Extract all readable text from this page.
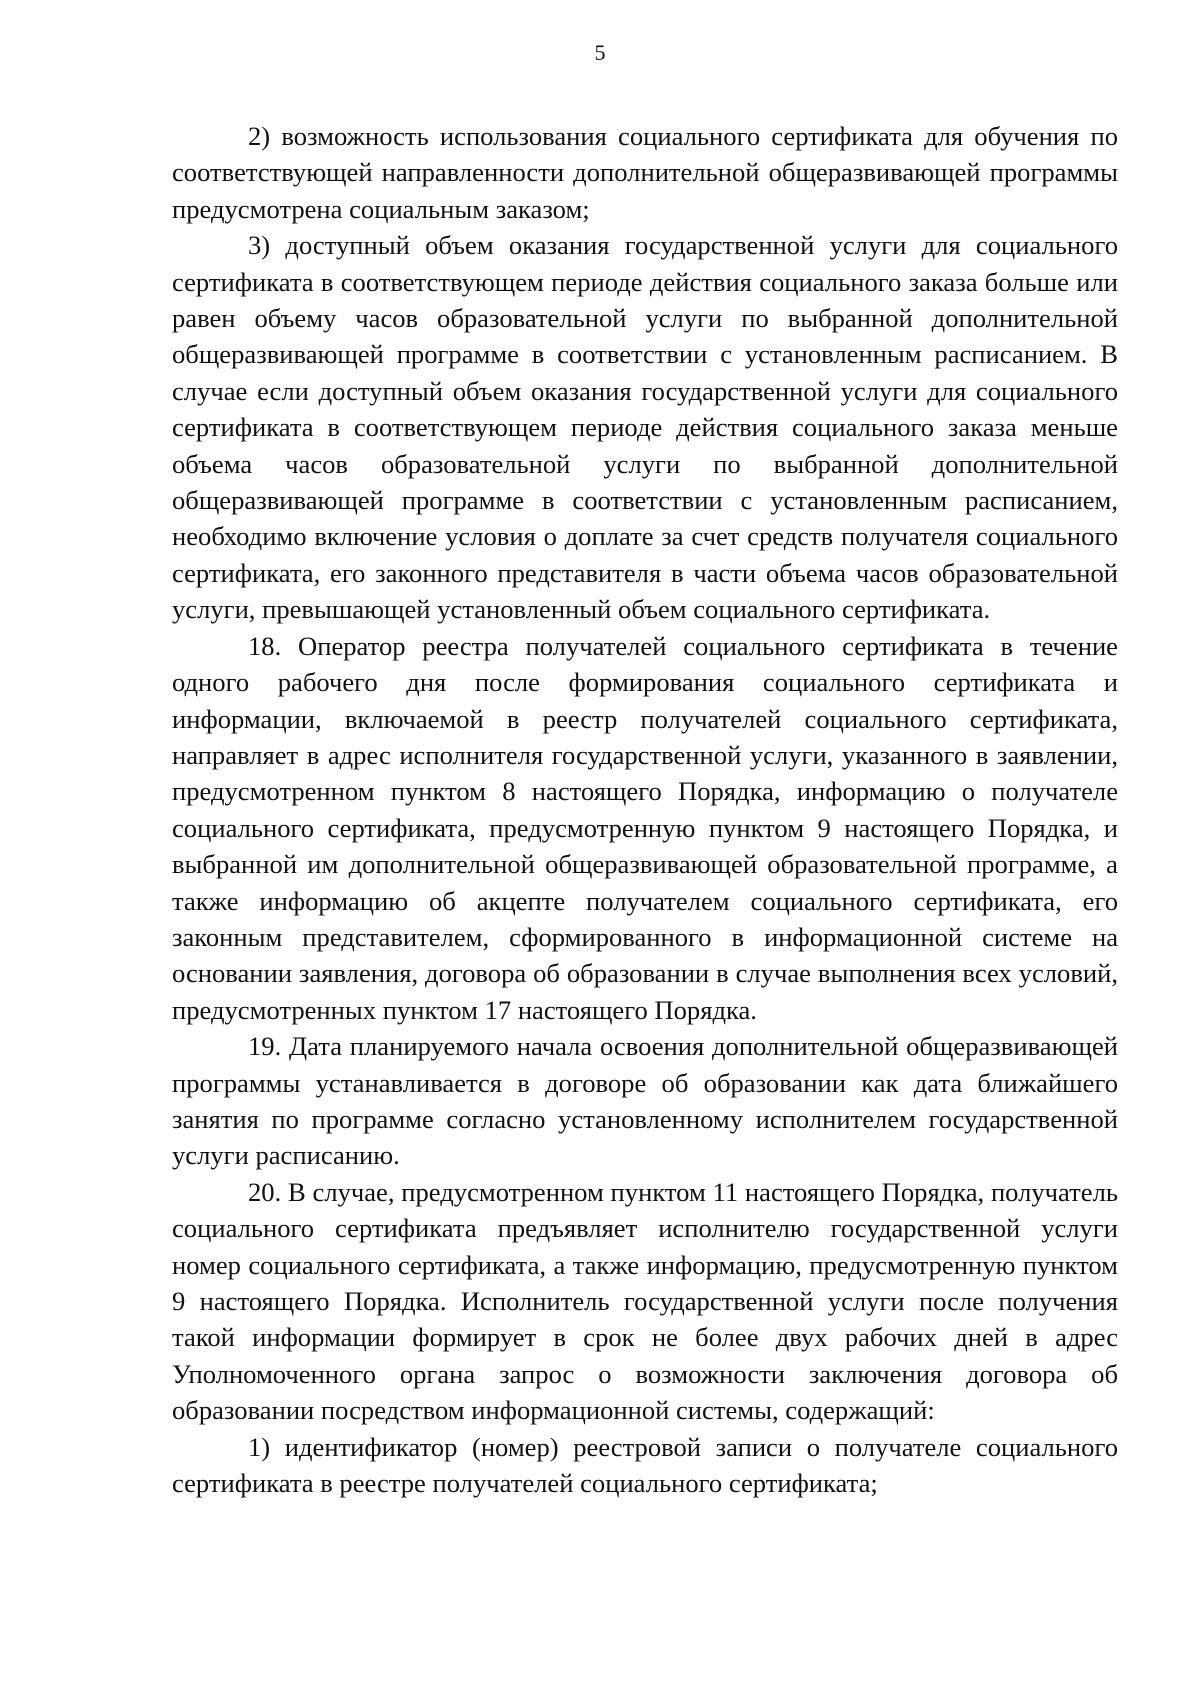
5

2) возможность использования социального сертификата для обучения по соответствующей направленности дополнительной общеразвивающей программы предусмотрена социальным заказом;

3) доступный объем оказания государственной услуги для социального сертификата в соответствующем периоде действия социального заказа больше или равен объему часов образовательной услуги по выбранной дополнительной общеразвивающей программе в соответствии с установленным расписанием. В случае если доступный объем оказания государственной услуги для социального сертификата в соответствующем периоде действия социального заказа меньше объема часов образовательной услуги по выбранной дополнительной общеразвивающей программе в соответствии с установленным расписанием, необходимо включение условия о доплате за счет средств получателя социального сертификата, его законного представителя в части объема часов образовательной услуги, превышающей установленный объем социального сертификата.

18. Оператор реестра получателей социального сертификата в течение одного рабочего дня после формирования социального сертификата и информации, включаемой в реестр получателей социального сертификата, направляет в адрес исполнителя государственной услуги, указанного в заявлении, предусмотренном пунктом 8 настоящего Порядка, информацию о получателе социального сертификата, предусмотренную пунктом 9 настоящего Порядка, и выбранной им дополнительной общеразвивающей образовательной программе, а также информацию об акцепте получателем социального сертификата, его законным представителем, сформированного в информационной системе на основании заявления, договора об образовании в случае выполнения всех условий, предусмотренных пунктом 17 настоящего Порядка.

19. Дата планируемого начала освоения дополнительной общеразвивающей программы устанавливается в договоре об образовании как дата ближайшего занятия по программе согласно установленному исполнителем государственной услуги расписанию.

20. В случае, предусмотренном пунктом 11 настоящего Порядка, получатель социального сертификата предъявляет исполнителю государственной услуги номер социального сертификата, а также информацию, предусмотренную пунктом 9 настоящего Порядка. Исполнитель государственной услуги после получения такой информации формирует в срок не более двух рабочих дней в адрес Уполномоченного органа запрос о возможности заключения договора об образовании посредством информационной системы, содержащий:

1) идентификатор (номер) реестровой записи о получателе социального сертификата в реестре получателей социального сертификата;
